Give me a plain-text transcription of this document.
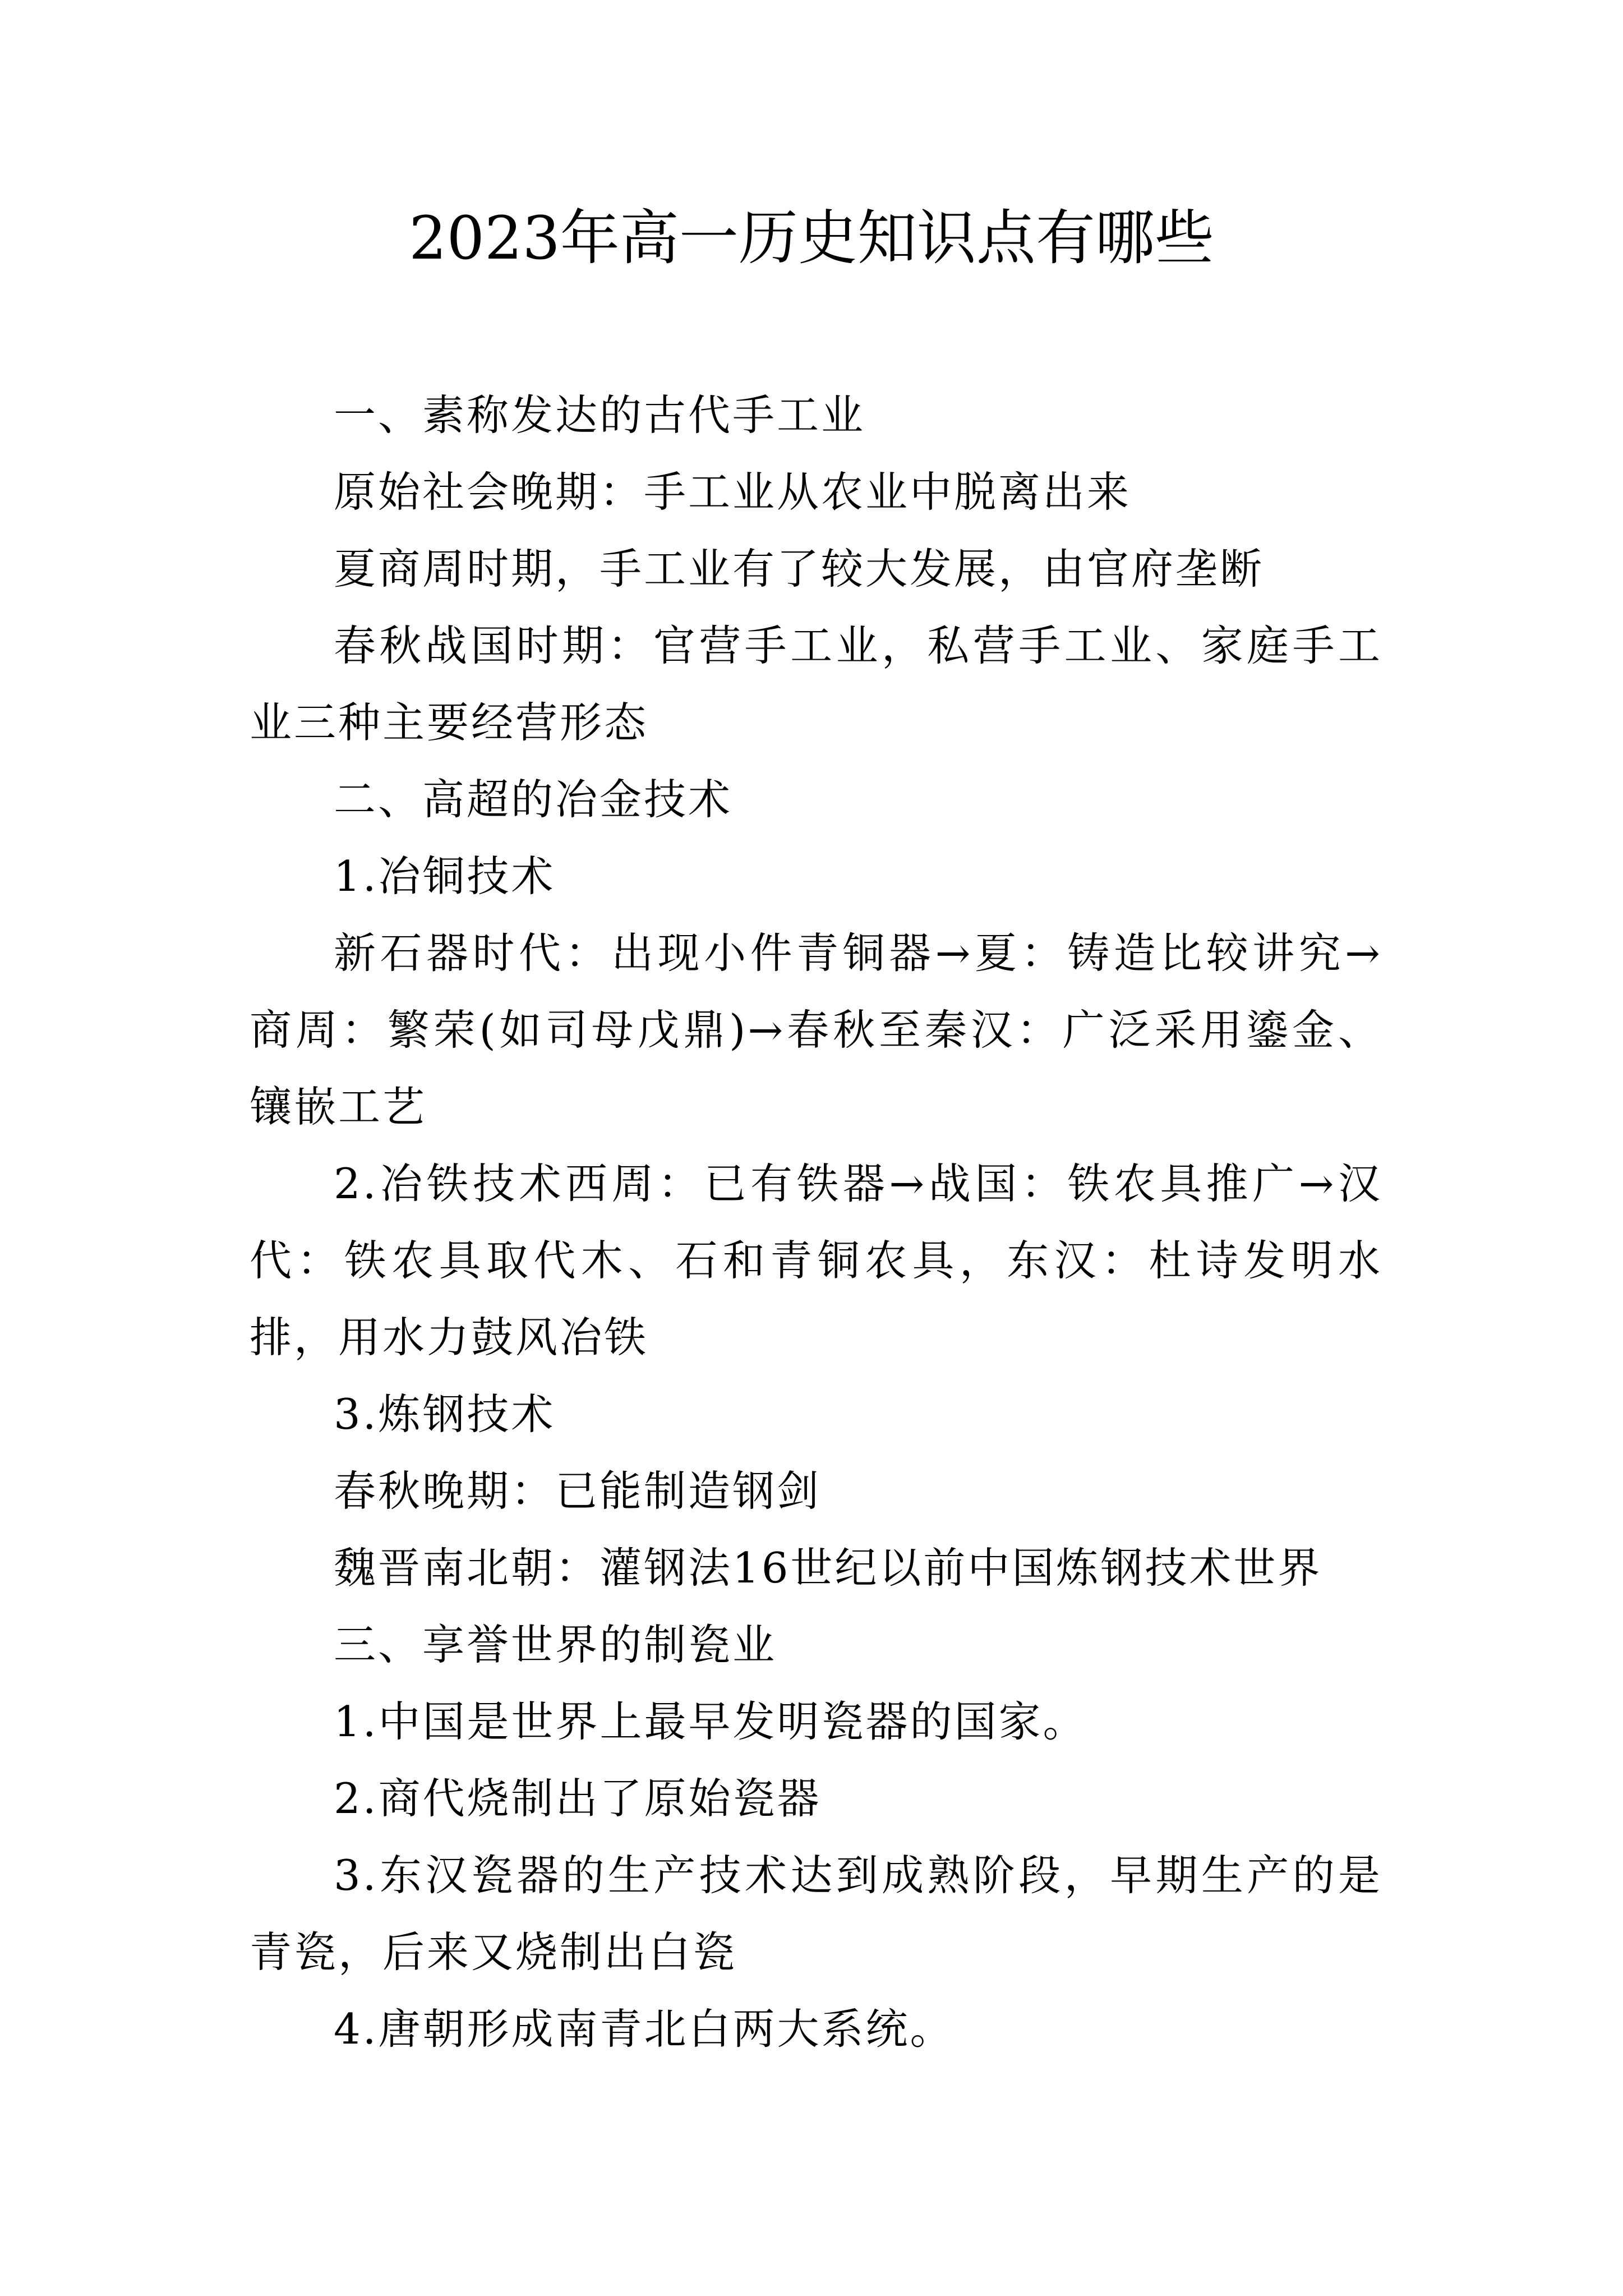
2023年高一历史知识点有哪些

一、素称发达的古代手工业

原始社会晚期：手工业从农业中脱离出来

夏商周时期，手工业有了较大发展，由官府垄断

春秋战国时期：官营手工业，私营手工业、家庭手工业三种主要经营形态

二、高超的冶金技术

1.冶铜技术

新石器时代：出现小件青铜器→夏：铸造比较讲究→商周：繁荣(如司母戊鼎)→春秋至秦汉：广泛采用鎏金、镶嵌工艺

2.冶铁技术西周：已有铁器→战国：铁农具推广→汉代：铁农具取代木、石和青铜农具，东汉：杜诗发明水排，用水力鼓风冶铁

3.炼钢技术

春秋晚期：已能制造钢剑

魏晋南北朝：灌钢法16世纪以前中国炼钢技术世界

三、享誉世界的制瓷业

1.中国是世界上最早发明瓷器的国家。

2.商代烧制出了原始瓷器

3.东汉瓷器的生产技术达到成熟阶段，早期生产的是青瓷，后来又烧制出白瓷

4.唐朝形成南青北白两大系统。
